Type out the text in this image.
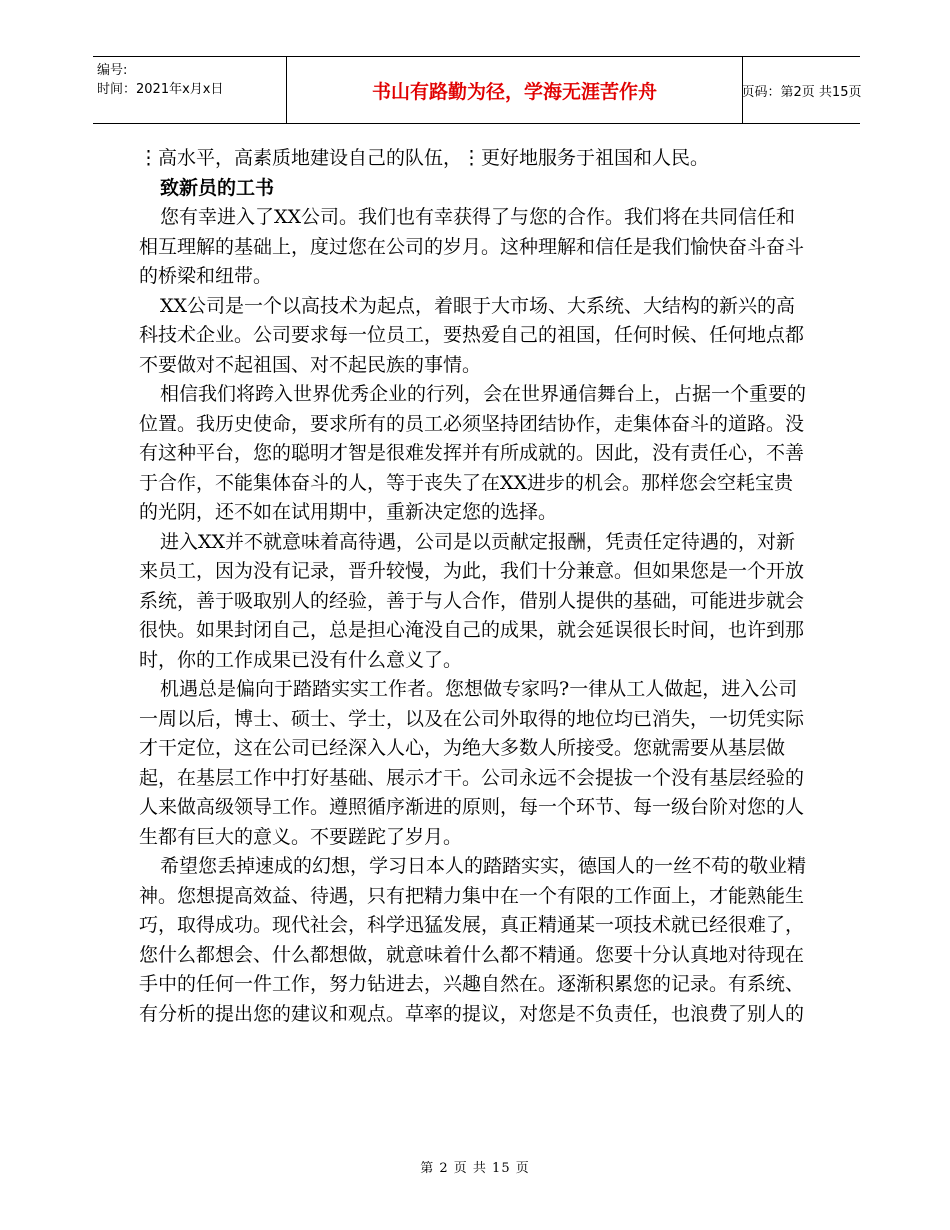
编号:
时间：2021年x月x日	书山有路勤为径，学海无涯苦作舟	页码：第2页 共15页

⋮高水平，高素质地建设自己的队伍，⋮更好地服务于祖国和人民。

致新员的工书

您有幸进入了XX公司。我们也有幸获得了与您的合作。我们将在共同信任和相互理解的基础上，度过您在公司的岁月。这种理解和信任是我们愉快奋斗奋斗的桥梁和纽带。

XX公司是一个以高技术为起点，着眼于大市场、大系统、大结构的新兴的高科技术企业。公司要求每一位员工，要热爱自己的祖国，任何时候、任何地点都不要做对不起祖国、对不起民族的事情。

相信我们将跨入世界优秀企业的行列，会在世界通信舞台上，占据一个重要的位置。我历史使命，要求所有的员工必须坚持团结协作，走集体奋斗的道路。没有这种平台，您的聪明才智是很难发挥并有所成就的。因此，没有责任心，不善于合作，不能集体奋斗的人，等于丧失了在XX进步的机会。那样您会空耗宝贵的光阴，还不如在试用期中，重新决定您的选择。

进入XX并不就意味着高待遇，公司是以贡献定报酬，凭责任定待遇的，对新来员工，因为没有记录，晋升较慢，为此，我们十分兼意。但如果您是一个开放系统，善于吸取别人的经验，善于与人合作，借别人提供的基础，可能进步就会很快。如果封闭自己，总是担心淹没自己的成果，就会延误很长时间，也许到那时，你的工作成果已没有什么意义了。

机遇总是偏向于踏踏实实工作者。您想做专家吗?一律从工人做起，进入公司一周以后，博士、硕士、学士，以及在公司外取得的地位均已消失，一切凭实际才干定位，这在公司已经深入人心，为绝大多数人所接受。您就需要从基层做起，在基层工作中打好基础、展示才干。公司永远不会提拔一个没有基层经验的人来做高级领导工作。遵照循序渐进的原则，每一个环节、每一级台阶对您的人生都有巨大的意义。不要蹉跎了岁月。

希望您丢掉速成的幻想，学习日本人的踏踏实实，德国人的一丝不苟的敬业精神。您想提高效益、待遇，只有把精力集中在一个有限的工作面上，才能熟能生巧，取得成功。现代社会，科学迅猛发展，真正精通某一项技术就已经很难了，您什么都想会、什么都想做，就意味着什么都不精通。您要十分认真地对待现在手中的任何一件工作，努力钻进去，兴趣自然在。逐渐积累您的记录。有系统、有分析的提出您的建议和观点。草率的提议，对您是不负责任，也浪费了别人的

第 2 页 共 15 页
